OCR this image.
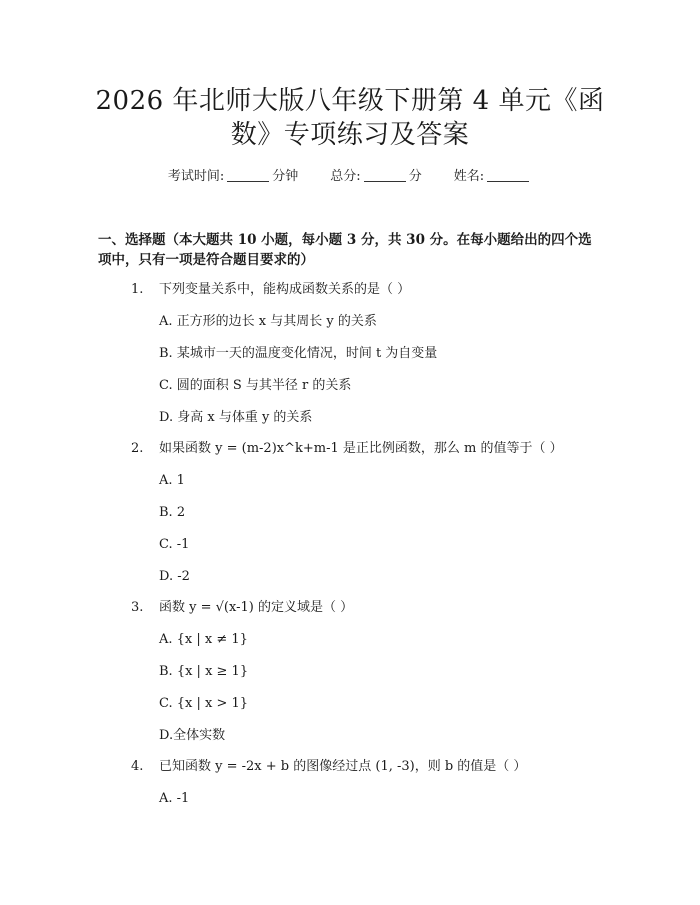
2026 年北师大版八年级下册第 4 单元《函
数》专项练习及答案
考试时间:	分钟 总分:	分 姓名:
一、选择题（本大题共 10 小题，每小题 3 分，共 30 分。在每小题给出的四个选
项中，只有一项是符合题目要求的）
1. 下列变量关系中，能构成函数关系的是（ ）
A. 正方形的边长 x 与其周长 y 的关系
B. 某城市一天的温度变化情况，时间 t 为自变量
C. 圆的面积 S 与其半径 r 的关系
D. 身高 x 与体重 y 的关系
2. 如果函数 y = (m-2)x^k+m-1 是正比例函数，那么 m 的值等于（ ）
A. 1
B. 2
C. -1
D. -2
3. 函数 y = √(x-1) 的定义域是（ ）
A. {x | x ≠ 1}
B. {x | x ≥ 1}
C. {x | x > 1}
D.全体实数
4. 已知函数 y = -2x + b 的图像经过点 (1, -3)，则 b 的值是（ ）
A. -1
